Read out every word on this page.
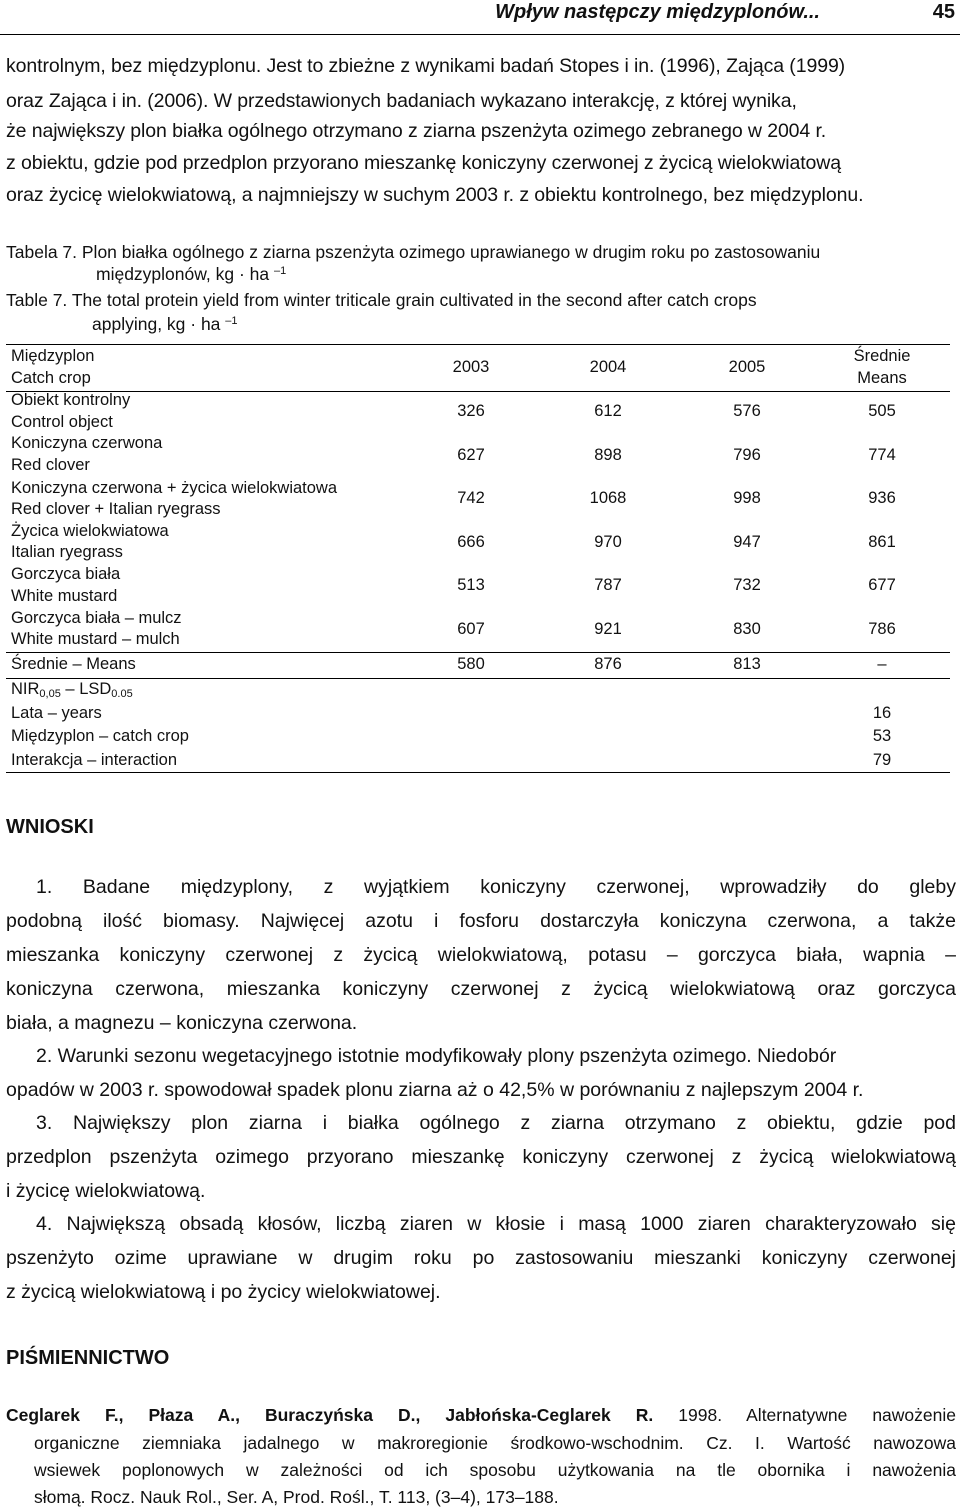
Wpływ następczy międzyplonów...	45
kontrolnym, bez międzyplonu. Jest to zbieżne z wynikami badań Stopes i in. (1996), Zająca (1999)
oraz Zająca i in. (2006). W przedstawionych badaniach wykazano interakcję, z której wynika,
że największy plon białka ogólnego otrzymano z ziarna pszenżyta ozimego zebranego w 2004 r.
z obiektu, gdzie pod przedplon przyorano mieszankę koniczyny czerwonej z życicą wielokwiatową
oraz życicę wielokwiatową, a najmniejszy w suchym 2003 r. z obiektu kontrolnego, bez międzyplonu.
Tabela 7. Plon białka ogólnego z ziarna pszenżyta ozimego uprawianego w drugim roku po zastosowaniu
międzyplonów, kg · ha $^{-1}$
Table 7. The total protein yield from winter triticale grain cultivated in the second after catch crops
applying, kg · ha $^{-1}$
Międzyplon
Catch crop
2003	2004	2005
Średnie
Means
Obiekt kontrolny
Control object
326	612	576	505
Koniczyna czerwona
Red clover
627	898	796	774
Koniczyna czerwona + życica wielokwiatowa
Red clover + Italian ryegrass
742	1068	998	936
Życica wielokwiatowa
Italian ryegrass
666	970	947	861
Gorczyca biała
White mustard
513	787	732	677
Gorczyca biała – mulcz
White mustard – mulch
607	921	830	786
Średnie – Means	580	876	813	–
$NIR_{0,05} - LSD_{0.05}$
Lata – years	16
Międzyplon – catch crop	53
Interakcja – interaction	79
WNIOSKI
1. Badane międzyplony, z wyjątkiem koniczyny czerwonej, wprowadziły do gleby
podobną ilość biomasy. Najwięcej azotu i fosforu dostarczyła koniczyna czerwona, a także
mieszanka koniczyny czerwonej z życicą wielokwiatową, potasu – gorczyca biała, wapnia –
koniczyna czerwona, mieszanka koniczyny czerwonej z życicą wielokwiatową oraz gorczyca
biała, a magnezu – koniczyna czerwona.
2. Warunki sezonu wegetacyjnego istotnie modyfikowały plony pszenżyta ozimego. Niedobór
opadów w 2003 r. spowodował spadek plonu ziarna aż o 42,5% w porównaniu z najlepszym 2004 r.
3. Największy plon ziarna i białka ogólnego z ziarna otrzymano z obiektu, gdzie pod
przedplon pszenżyta ozimego przyorano mieszankę koniczyny czerwonej z życicą wielokwiatową
i życicę wielokwiatową.
4. Największą obsadą kłosów, liczbą ziaren w kłosie i masą 1000 ziaren charakteryzowało się
pszenżyto ozime uprawiane w drugim roku po zastosowaniu mieszanki koniczyny czerwonej
z życicą wielokwiatową i po życicy wielokwiatowej.
PIŚMIENNICTWO
Ceglarek F., Płaza A., Buraczyńska D., Jabłońska-Ceglarek R. 1998. Alternatywne nawożenie
organiczne ziemniaka jadalnego w makroregionie środkowo-wschodnim. Cz. I. Wartość nawozowa
wsiewek poplonowych w zależności od ich sposobu użytkowania na tle obornika i nawożenia
słomą. Rocz. Nauk Rol., Ser. A, Prod. Rośl., T. 113, (3–4), 173–188.
